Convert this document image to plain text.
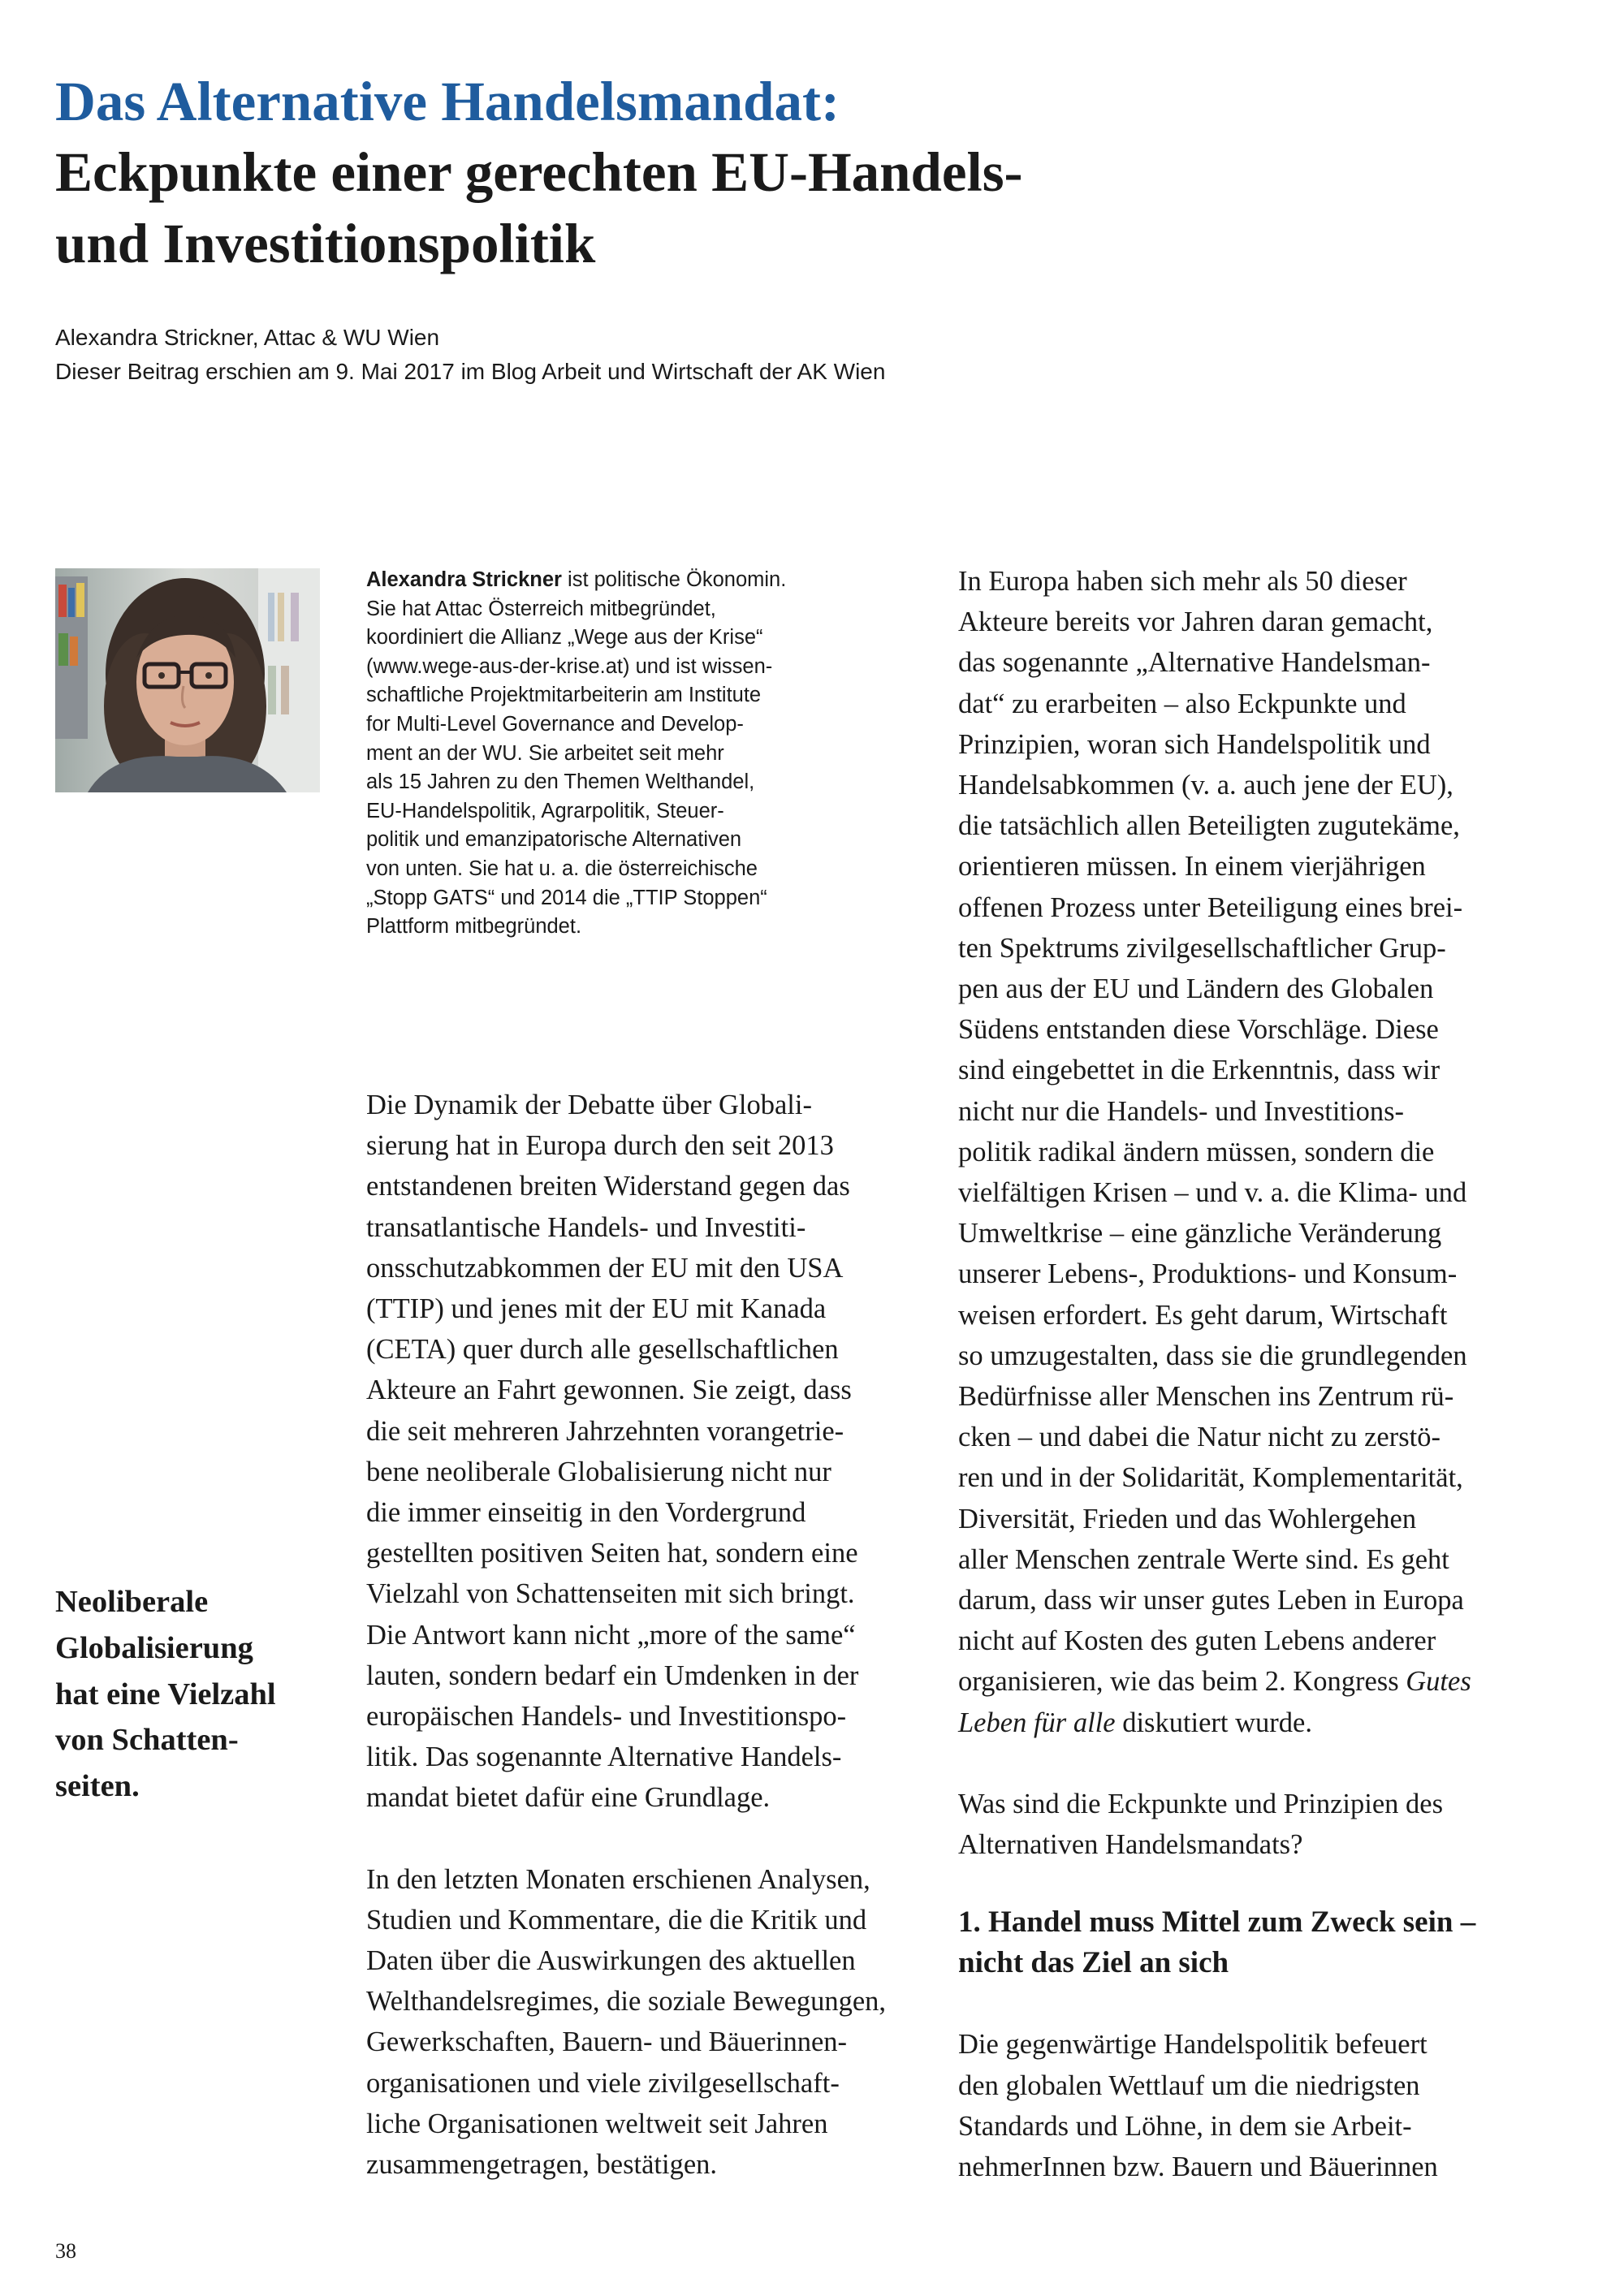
Das Alternative Handelsmandat:
Eckpunkte einer gerechten EU-Handels-
und Investitionspolitik
Alexandra Strickner, Attac & WU Wien
Dieser Beitrag erschien am 9. Mai 2017 im Blog Arbeit und Wirtschaft der AK Wien
Alexandra Strickner ist politische Ökonomin.
Sie hat Attac Österreich mitbegründet,
koordiniert die Allianz „Wege aus der Krise“
(www.wege-aus-der-krise.at) und ist wissen-
schaftliche Projektmitarbeiterin am Institute
for Multi-Level Governance and Develop-
ment an der WU. Sie arbeitet seit mehr
als 15 Jahren zu den Themen Welthandel,
EU-Handelspolitik, Agrarpolitik, Steuer-
politik und emanzipatorische Alternativen
von unten. Sie hat u. a. die österreichische
„Stopp GATS“ und 2014 die „TTIP Stoppen“
Plattform mitbegründet.
Neoliberale
Globalisierung
hat eine Vielzahl
von Schatten-
seiten.
Die Dynamik der Debatte über Globali-
sierung hat in Europa durch den seit 2013
entstandenen breiten Widerstand gegen das
transatlantische Handels- und Investiti-
onsschutzabkommen der EU mit den USA
(TTIP) und jenes mit der EU mit Kanada
(CETA) quer durch alle gesellschaftlichen
Akteure an Fahrt gewonnen. Sie zeigt, dass
die seit mehreren Jahrzehnten vorangetrie-
bene neoliberale Globalisierung nicht nur
die immer einseitig in den Vordergrund
gestellten positiven Seiten hat, sondern eine
Vielzahl von Schattenseiten mit sich bringt.
Die Antwort kann nicht „more of the same“
lauten, sondern bedarf ein Umdenken in der
europäischen Handels- und Investitionspo-
litik. Das sogenannte Alternative Handels-
mandat bietet dafür eine Grundlage.
In den letzten Monaten erschienen Analysen,
Studien und Kommentare, die die Kritik und
Daten über die Auswirkungen des aktuellen
Welthandelsregimes, die soziale Bewegungen,
Gewerkschaften, Bauern- und Bäuerinnen-
organisationen und viele zivilgesellschaft-
liche Organisationen weltweit seit Jahren
zusammengetragen, bestätigen.
In Europa haben sich mehr als 50 dieser
Akteure bereits vor Jahren daran gemacht,
das sogenannte „Alternative Handelsman-
dat“ zu erarbeiten – also Eckpunkte und
Prinzipien, woran sich Handelspolitik und
Handelsabkommen (v. a. auch jene der EU),
die tatsächlich allen Beteiligten zugutekäme,
orientieren müssen. In einem vierjährigen
offenen Prozess unter Beteiligung eines brei-
ten Spektrums zivilgesellschaftlicher Grup-
pen aus der EU und Ländern des Globalen
Südens entstanden diese Vorschläge. Diese
sind eingebettet in die Erkenntnis, dass wir
nicht nur die Handels- und Investitions-
politik radikal ändern müssen, sondern die
vielfältigen Krisen – und v. a. die Klima- und
Umweltkrise – eine gänzliche Veränderung
unserer Lebens-, Produktions- und Konsum-
weisen erfordert. Es geht darum, Wirtschaft
so umzugestalten, dass sie die grundlegenden
Bedürfnisse aller Menschen ins Zentrum rü-
cken – und dabei die Natur nicht zu zerstö-
ren und in der Solidarität, Komplementarität,
Diversität, Frieden und das Wohlergehen
aller Menschen zentrale Werte sind. Es geht
darum, dass wir unser gutes Leben in Europa
nicht auf Kosten des guten Lebens anderer
organisieren, wie das beim 2. Kongress Gutes
Leben für alle diskutiert wurde.
Was sind die Eckpunkte und Prinzipien des
Alternativen Handelsmandats?
1. Handel muss Mittel zum Zweck sein –
nicht das Ziel an sich
Die gegenwärtige Handelspolitik befeuert
den globalen Wettlauf um die niedrigsten
Standards und Löhne, in dem sie Arbeit-
nehmerInnen bzw. Bauern und Bäuerinnen
38
